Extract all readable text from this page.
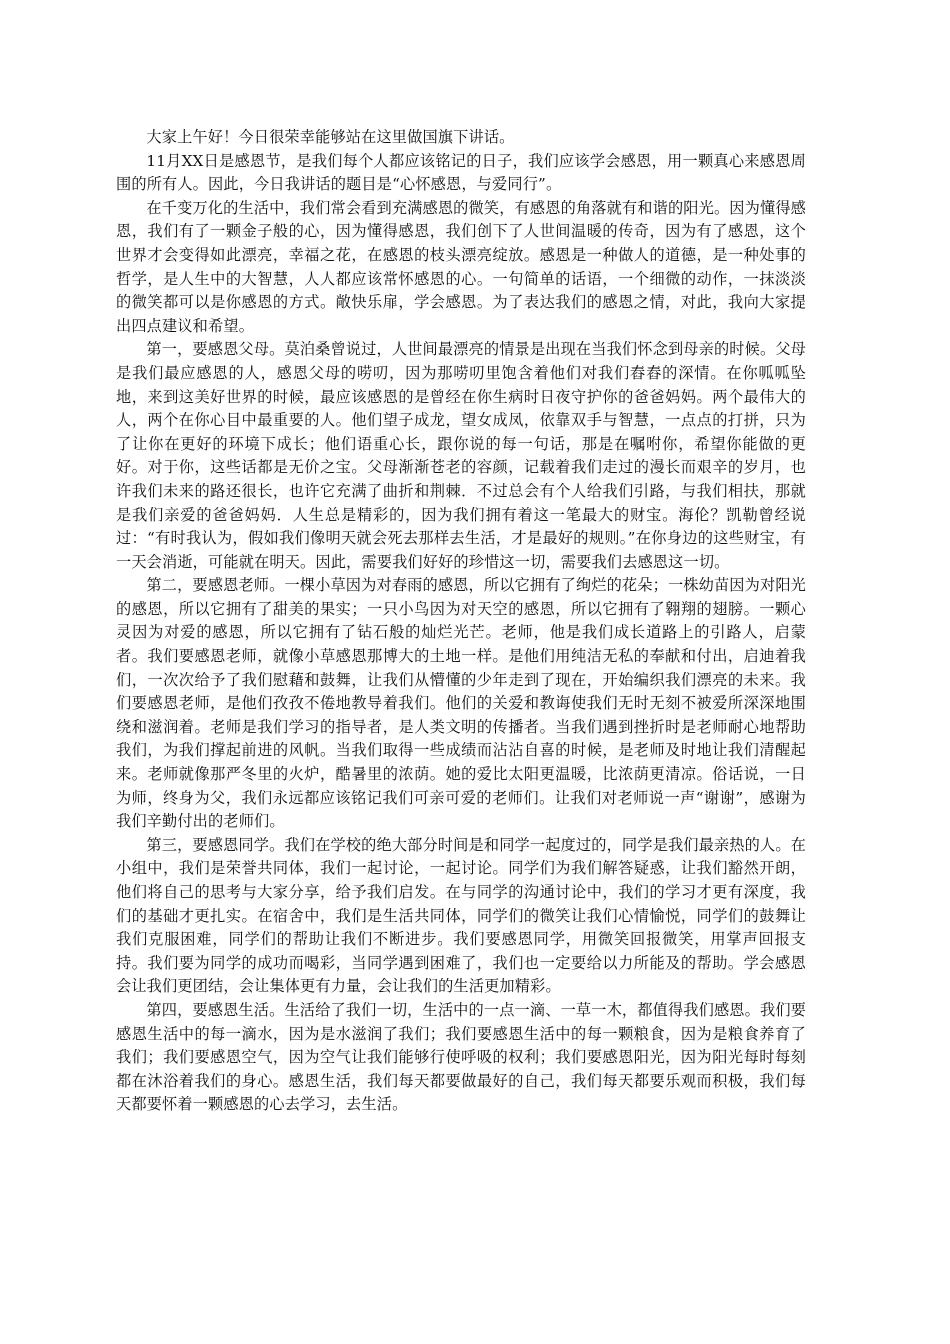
大家上午好！今日很荣幸能够站在这里做国旗下讲话。

11月XX日是感恩节，是我们每个人都应该铭记的日子，我们应该学会感恩，用一颗真心来感恩周围的所有人。因此，今日我讲话的题目是“心怀感恩，与爱同行”。

在千变万化的生活中，我们常会看到充满感恩的微笑，有感恩的角落就有和谐的阳光。因为懂得感恩，我们有了一颗金子般的心，因为懂得感恩，我们创下了人世间温暖的传奇，因为有了感恩，这个世界才会变得如此漂亮，幸福之花，在感恩的枝头漂亮绽放。感恩是一种做人的道德，是一种处事的哲学，是人生中的大智慧，人人都应该常怀感恩的心。一句简单的话语，一个细微的动作，一抹淡淡的微笑都可以是你感恩的方式。敞快乐扉，学会感恩。为了表达我们的感恩之情，对此，我向大家提出四点建议和希望。

第一，要感恩父母。莫泊桑曾说过，人世间最漂亮的情景是出现在当我们怀念到母亲的时候。父母是我们最应感恩的人，感恩父母的唠叨，因为那唠叨里饱含着他们对我们舂舂的深情。在你呱呱坠地，来到这美好世界的时候，最应该感恩的是曾经在你生病时日夜守护你的爸爸妈妈。两个最伟大的人，两个在你心目中最重要的人。他们望子成龙，望女成凤，依靠双手与智慧，一点点的打拼，只为了让你在更好的环境下成长；他们语重心长，跟你说的每一句话，那是在嘱咐你，希望你能做的更好。对于你，这些话都是无价之宝。父母渐渐苍老的容颜，记载着我们走过的漫长而艰辛的岁月，也许我们未来的路还很长，也许它充满了曲折和荆棘．不过总会有个人给我们引路，与我们相扶，那就是我们亲爱的爸爸妈妈．人生总是精彩的，因为我们拥有着这一笔最大的财宝。海伦？凯勒曾经说过：“有时我认为，假如我们像明天就会死去那样去生活，才是最好的规则。”在你身边的这些财宝，有一天会消逝，可能就在明天。因此，需要我们好好的珍惜这一切，需要我们去感恩这一切。

第二，要感恩老师。一棵小草因为对春雨的感恩，所以它拥有了绚烂的花朵；一株幼苗因为对阳光的感恩，所以它拥有了甜美的果实；一只小鸟因为对天空的感恩，所以它拥有了翱翔的翅膀。一颗心灵因为对爱的感恩，所以它拥有了钻石般的灿烂光芒。老师，他是我们成长道路上的引路人，启蒙者。我们要感恩老师，就像小草感恩那博大的土地一样。是他们用纯洁无私的奉献和付出，启迪着我们，一次次给予了我们慰藉和鼓舞，让我们从懵懂的少年走到了现在，开始编织我们漂亮的未来。我们要感恩老师，是他们孜孜不倦地教导着我们。他们的关爱和教诲使我们无时无刻不被爱所深深地围绕和滋润着。老师是我们学习的指导者，是人类文明的传播者。当我们遇到挫折时是老师耐心地帮助我们，为我们撑起前进的风帆。当我们取得一些成绩而沾沾自喜的时候，是老师及时地让我们清醒起来。老师就像那严冬里的火炉，酷暑里的浓荫。她的爱比太阳更温暖，比浓荫更清凉。俗话说，一日为师，终身为父，我们永远都应该铭记我们可亲可爱的老师们。让我们对老师说一声“谢谢”，感谢为我们辛勤付出的老师们。

第三，要感恩同学。我们在学校的绝大部分时间是和同学一起度过的，同学是我们最亲热的人。在小组中，我们是荣誉共同体，我们一起讨论，一起讨论。同学们为我们解答疑惑，让我们豁然开朗，他们将自己的思考与大家分享，给予我们启发。在与同学的沟通讨论中，我们的学习才更有深度，我们的基础才更扎实。在宿舍中，我们是生活共同体，同学们的微笑让我们心情愉悦，同学们的鼓舞让我们克服困难，同学们的帮助让我们不断进步。我们要感恩同学，用微笑回报微笑，用掌声回报支持。我们要为同学的成功而喝彩，当同学遇到困难了，我们也一定要给以力所能及的帮助。学会感恩会让我们更团结，会让集体更有力量，会让我们的生活更加精彩。

第四，要感恩生活。生活给了我们一切，生活中的一点一滴、一草一木，都值得我们感恩。我们要感恩生活中的每一滴水，因为是水滋润了我们；我们要感恩生活中的每一颗粮食，因为是粮食养育了我们；我们要感恩空气，因为空气让我们能够行使呼吸的权利；我们要感恩阳光，因为阳光每时每刻都在沐浴着我们的身心。感恩生活，我们每天都要做最好的自己，我们每天都要乐观而积极，我们每天都要怀着一颗感恩的心去学习，去生活。
